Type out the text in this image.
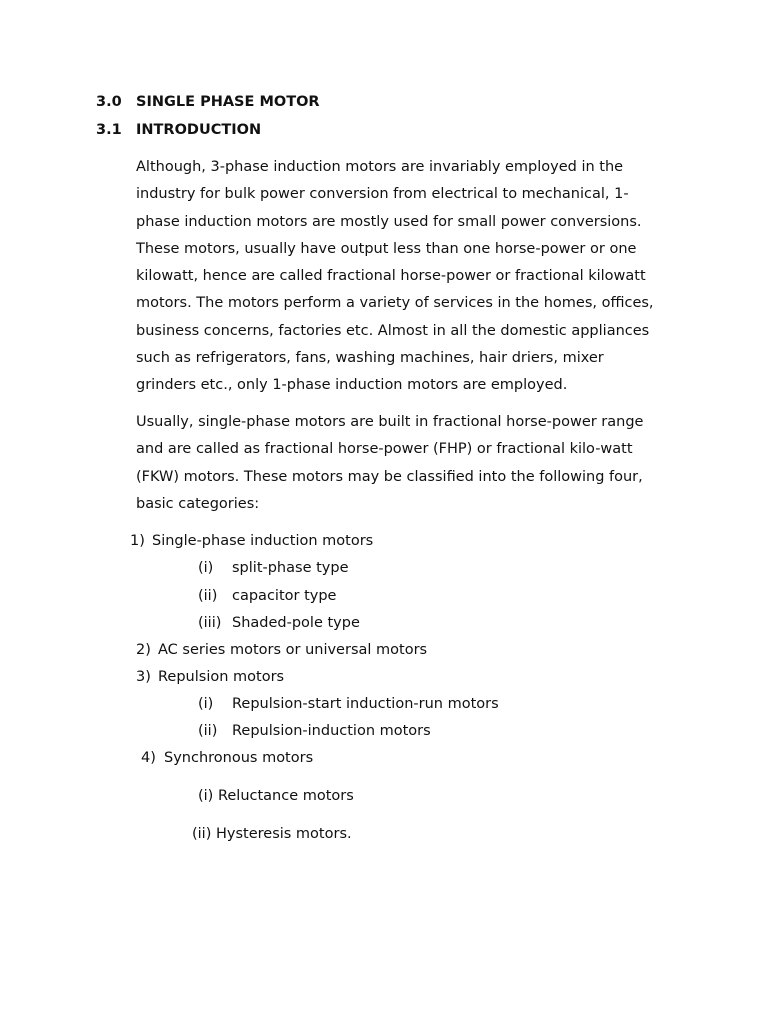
3.0 SINGLE PHASE MOTOR
3.1 INTRODUCTION
Although, 3-phase induction motors are invariably employed in the
industry for bulk power conversion from electrical to mechanical, 1-
phase induction motors are mostly used for small power conversions.
These motors, usually have output less than one horse-power or one
kilowatt, hence are called fractional horse-power or fractional kilowatt
motors. The motors perform a variety of services in the homes, offices,
business concerns, factories etc. Almost in all the domestic appliances
such as refrigerators, fans, washing machines, hair driers, mixer
grinders etc., only 1-phase induction motors are employed.
Usually, single-phase motors are built in fractional horse-power range
and are called as fractional horse-power (FHP) or fractional kilo-watt
(FKW) motors. These motors may be classified into the following four,
basic categories:
1) Single-phase induction motors
(i) split-phase type
(ii) capacitor type
(iii) Shaded-pole type
2) AC series motors or universal motors
3) Repulsion motors
(i) Repulsion-start induction-run motors
(ii) Repulsion-induction motors
4) Synchronous motors
(i) Reluctance motors
(ii) Hysteresis motors.
